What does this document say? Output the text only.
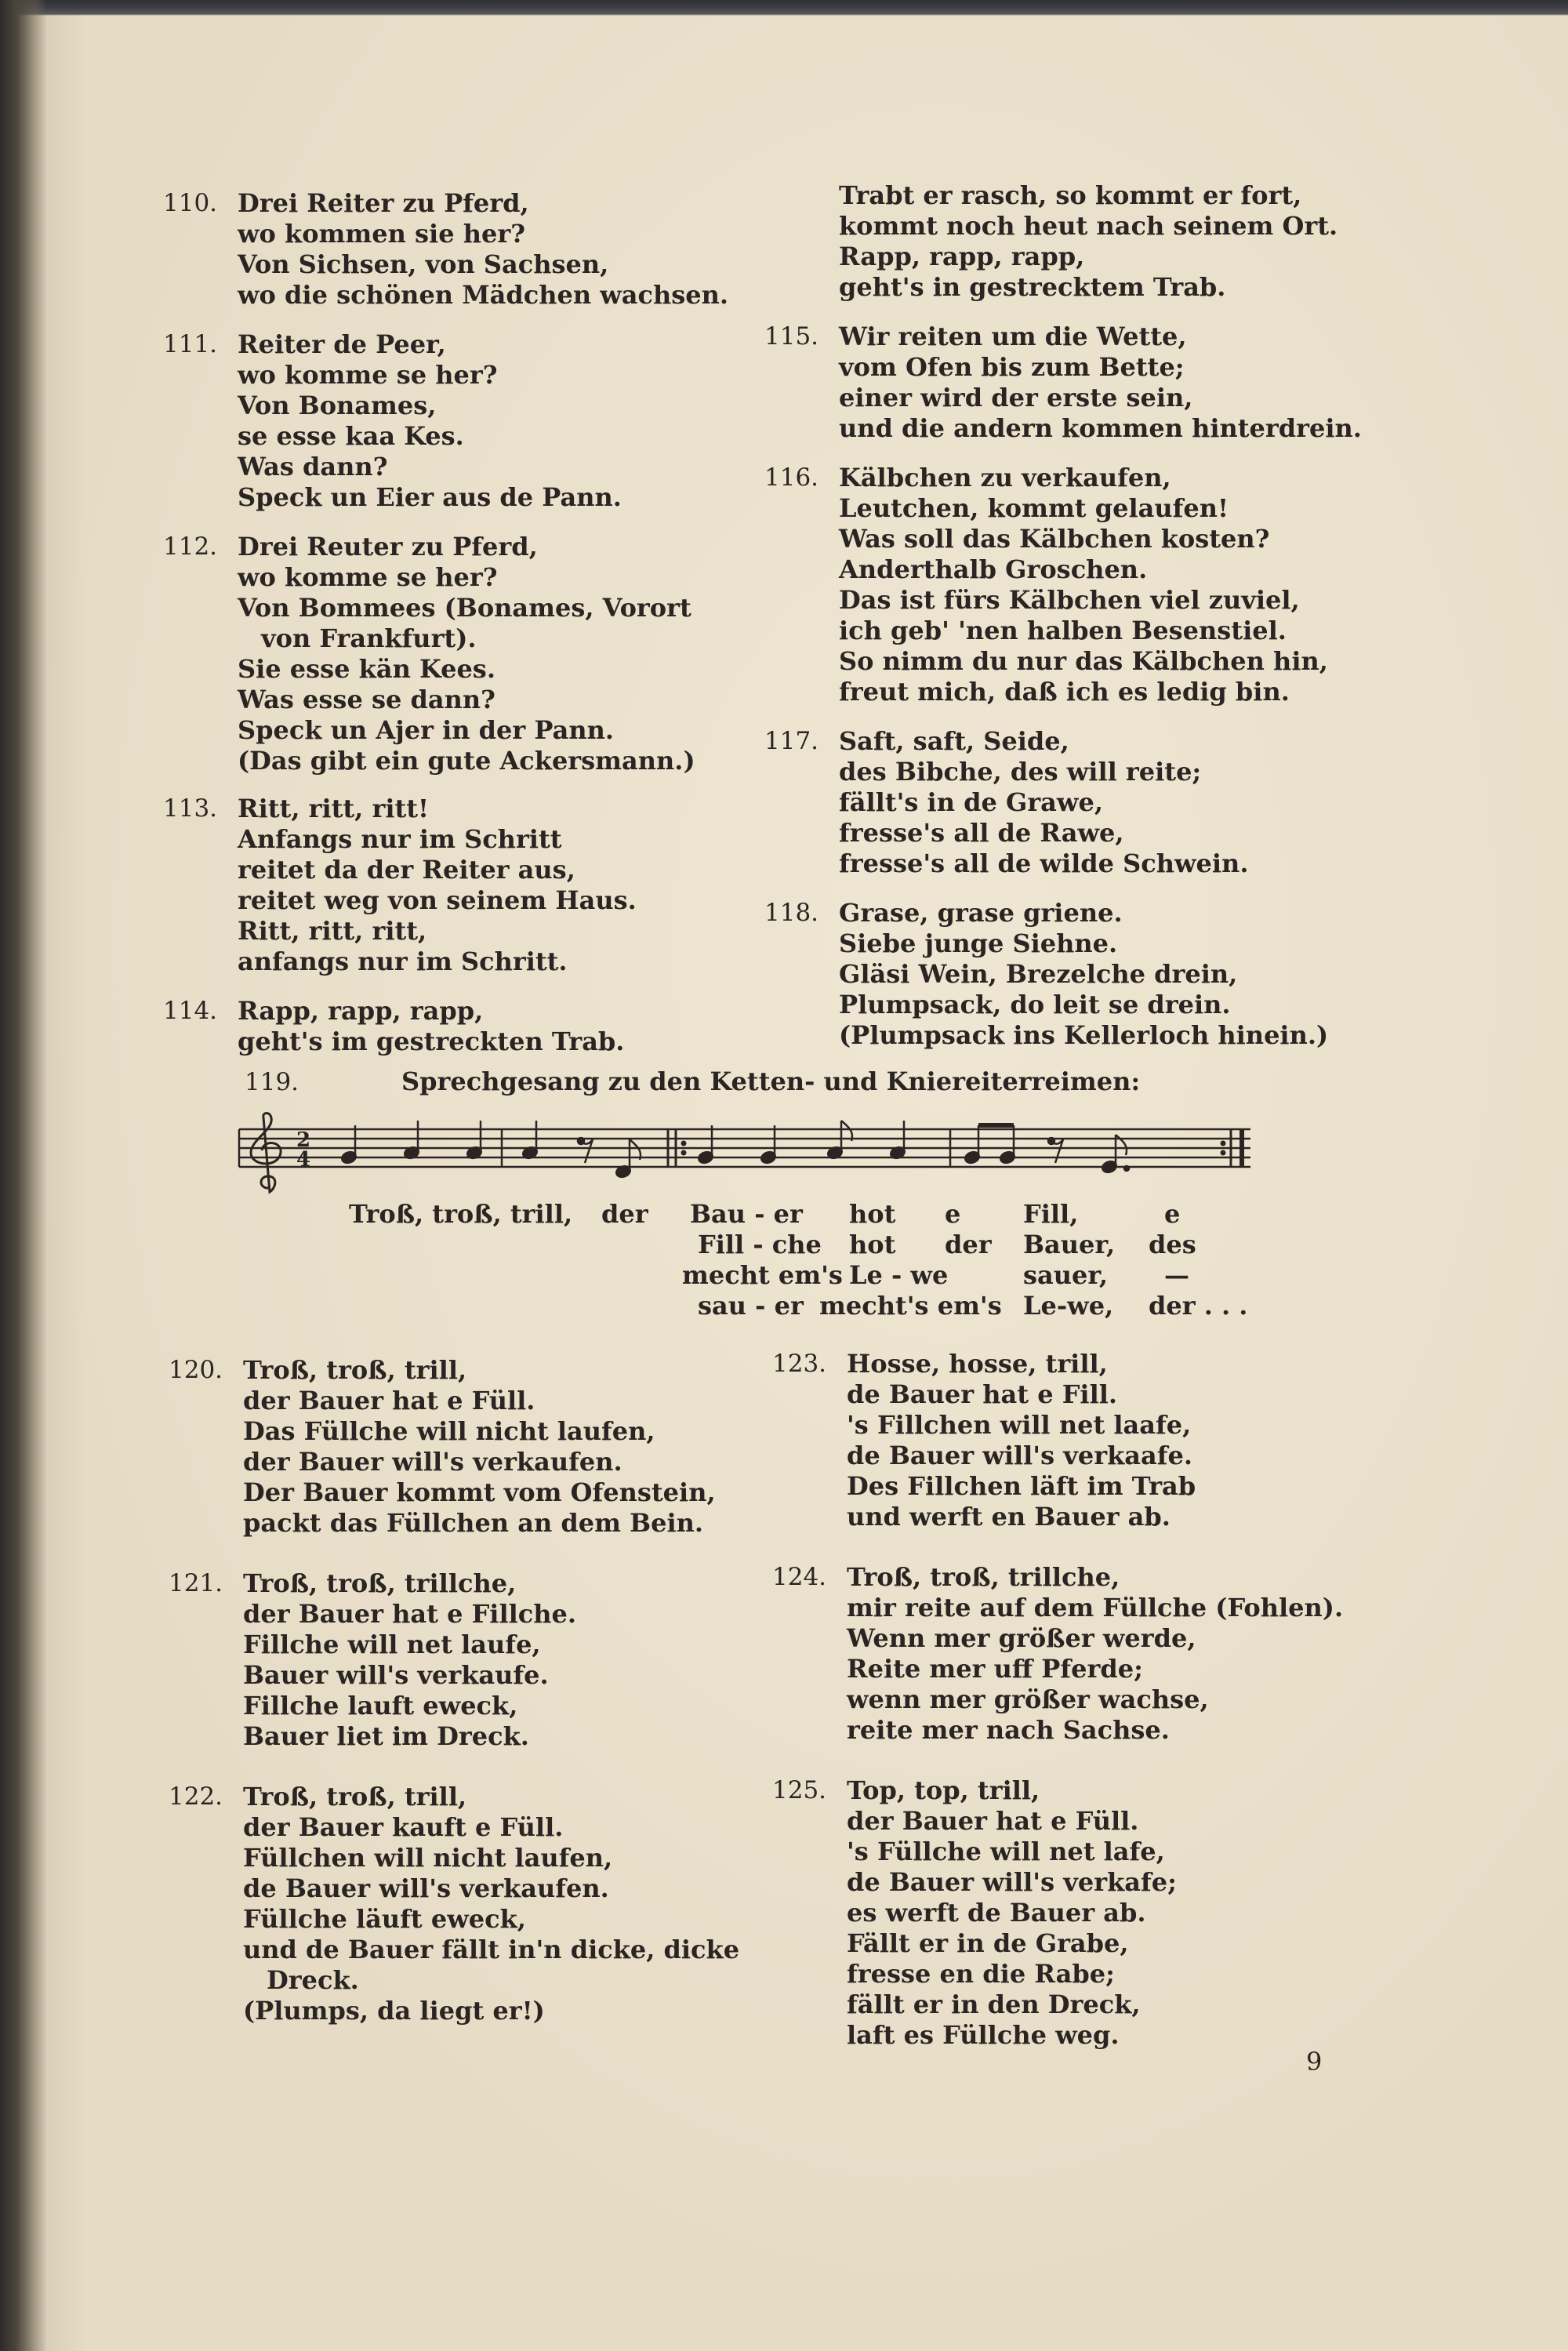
110. Drei Reiter zu Pferd,
wo kommen sie her?
Von Sichsen, von Sachsen,
wo die schönen Mädchen wachsen.
111. Reiter de Peer,
wo komme se her?
Von Bonames,
se esse kaa Kes.
Was dann?
Speck un Eier aus de Pann.
112. Drei Reuter zu Pferd,
wo komme se her?
Von Bommees (Bonames, Vorort
von Frankfurt).
Sie esse kän Kees.
Was esse se dann?
Speck un Ajer in der Pann.
(Das gibt ein gute Ackersmann.)
113. Ritt, ritt, ritt!
Anfangs nur im Schritt
reitet da der Reiter aus,
reitet weg von seinem Haus.
Ritt, ritt, ritt,
anfangs nur im Schritt.
114. Rapp, rapp, rapp,
geht's im gestreckten Trab.
Trabt er rasch, so kommt er fort,
kommt noch heut nach seinem Ort.
Rapp, rapp, rapp,
geht's in gestrecktem Trab.
115. Wir reiten um die Wette,
vom Ofen bis zum Bette;
einer wird der erste sein,
und die andern kommen hinterdrein.
116. Kälbchen zu verkaufen,
Leutchen, kommt gelaufen!
Was soll das Kälbchen kosten?
Anderthalb Groschen.
Das ist fürs Kälbchen viel zuviel,
ich geb' 'nen halben Besenstiel.
So nimm du nur das Kälbchen hin,
freut mich, daß ich es ledig bin.
117. Saft, saft, Seide,
des Bibche, des will reite;
fällt's in de Grawe,
fresse's all de Rawe,
fresse's all de wilde Schwein.
118. Grase, grase griene.
Siebe junge Siehne.
Gläsi Wein, Brezelche drein,
Plumpsack, do leit se drein.
(Plumpsack ins Kellerloch hinein.)
119.	Sprechgesang zu den Ketten- und Kniereiterreimen:
2
4
Troß, troß, trill, der Bau - er hot e Fill,	e
Fill - che hot der Bauer, des
mecht em's Le - we	sauer, —
sau - er mecht's em's Le-we, der . . .
120. Troß, troß, trill,
der Bauer hat e Füll.
Das Füllche will nicht laufen,
der Bauer will's verkaufen.
Der Bauer kommt vom Ofenstein,
packt das Füllchen an dem Bein.
121. Troß, troß, trillche,
der Bauer hat e Fillche.
Fillche will net laufe,
Bauer will's verkaufe.
Fillche lauft eweck,
Bauer liet im Dreck.
122. Troß, troß, trill,
der Bauer kauft e Füll.
Füllchen will nicht laufen,
de Bauer will's verkaufen.
Füllche läuft eweck,
und de Bauer fällt in'n dicke, dicke
Dreck.
(Plumps, da liegt er!)
123. Hosse, hosse, trill,
de Bauer hat e Fill.
's Fillchen will net laafe,
de Bauer will's verkaafe.
Des Fillchen läft im Trab
und werft en Bauer ab.
124. Troß, troß, trillche,
mir reite auf dem Füllche (Fohlen).
Wenn mer größer werde,
Reite mer uff Pferde;
wenn mer größer wachse,
reite mer nach Sachse.
125. Top, top, trill,
der Bauer hat e Füll.
's Füllche will net lafe,
de Bauer will's verkafe;
es werft de Bauer ab.
Fällt er in de Grabe,
fresse en die Rabe;
fällt er in den Dreck,
laft es Füllche weg.
9
